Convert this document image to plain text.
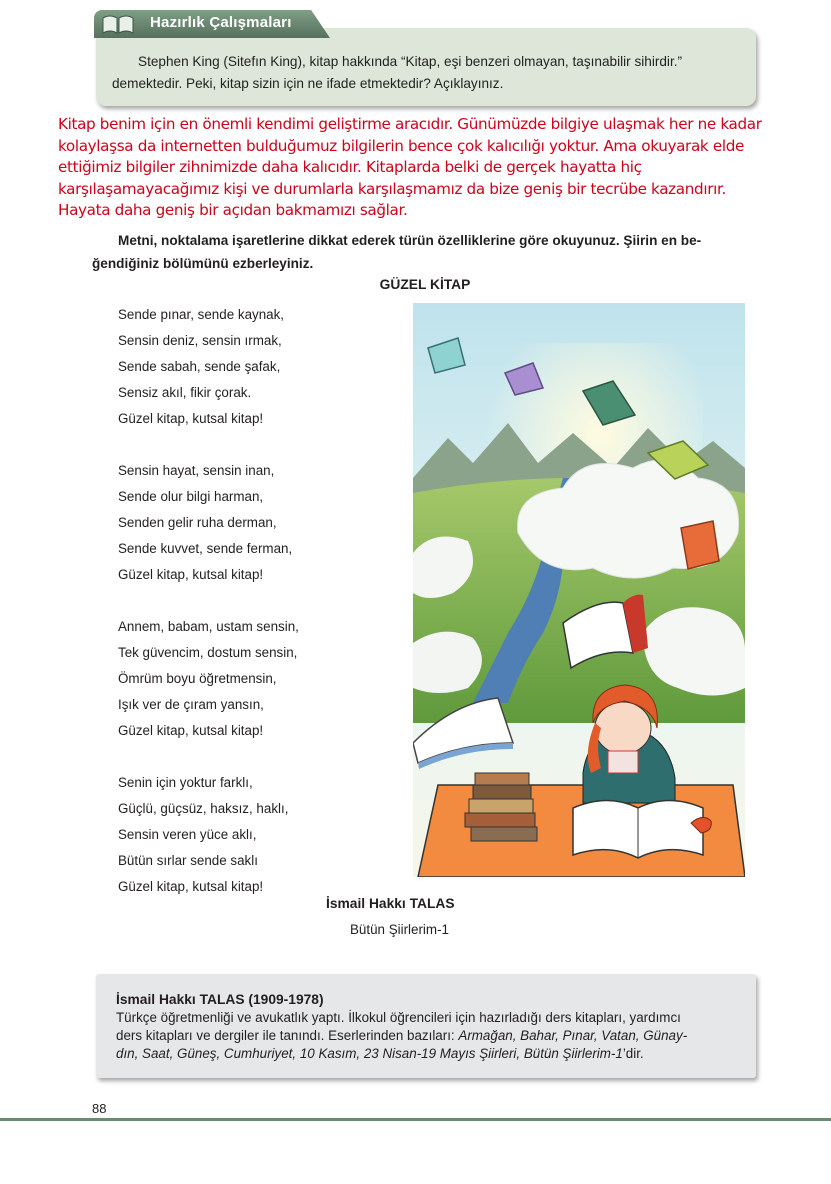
Hazırlık Çalışmaları
Stephen King (Sitefın King), kitap hakkında “Kitap, eşi benzeri olmayan, taşınabilir sihirdir.”
demektedir. Peki, kitap sizin için ne ifade etmektedir? Açıklayınız.
Kitap benim için en önemli kendimi geliştirme aracıdır. Günümüzde bilgiye ulaşmak her ne kadar
kolaylaşsa da internetten bulduğumuz bilgilerin bence çok kalıcılığı yoktur. Ama okuyarak elde
ettiğimiz bilgiler zihnimizde daha kalıcıdır. Kitaplarda belki de gerçek hayatta hiç
karşılaşamayacağımız kişi ve durumlarla karşılaşmamız da bize geniş bir tecrübe kazandırır.
Hayata daha geniş bir açıdan bakmamızı sağlar.
Metni, noktalama işaretlerine dikkat ederek türün özelliklerine göre okuyunuz. Şiirin en be-
ğendiğiniz bölümünü ezberleyiniz.
GÜZEL KİTAP
Sende pınar, sende kaynak,
Sensin deniz, sensin ırmak,
Sende sabah, sende şafak,
Sensiz akıl, fikir çorak.
Güzel kitap, kutsal kitap!
Sensin hayat, sensin inan,
Sende olur bilgi harman,
Senden gelir ruha derman,
Sende kuvvet, sende ferman,
Güzel kitap, kutsal kitap!
Annem, babam, ustam sensin,
Tek güvencim, dostum sensin,
Ömrüm boyu öğretmensin,
Işık ver de çıram yansın,
Güzel kitap, kutsal kitap!
Senin için yoktur farklı,
Güçlü, güçsüz, haksız, haklı,
Sensin veren yüce aklı,
Bütün sırlar sende saklı
Güzel kitap, kutsal kitap!
İsmail Hakkı TALAS
Bütün Şiirlerim-1
İsmail Hakkı TALAS (1909-1978)
Türkçe öğretmenliği ve avukatlık yaptı. İlkokul öğrencileri için hazırladığı ders kitapları, yardımcı
ders kitapları ve dergiler ile tanındı. Eserlerinden bazıları: Armağan, Bahar, Pınar, Vatan, Günay-
dın, Saat, Güneş, Cumhuriyet, 10 Kasım, 23 Nisan-19 Mayıs Şiirleri, Bütün Şiirlerim-1’dir.
88
